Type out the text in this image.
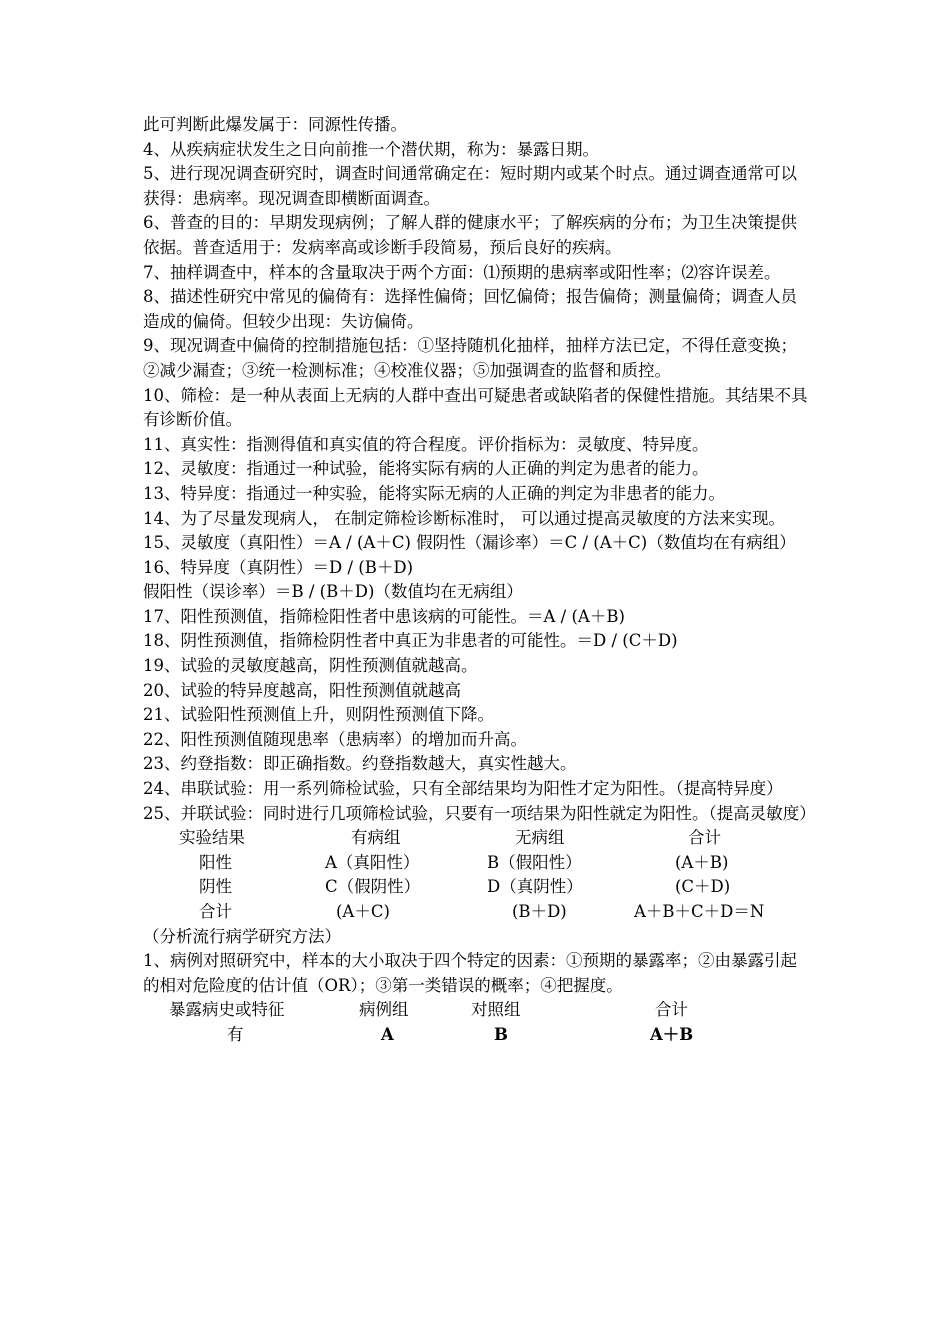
此可判断此爆发属于：同源性传播。

4、从疾病症状发生之日向前推一个潜伏期，称为：暴露日期。

5、进行现况调查研究时，调查时间通常确定在：短时期内或某个时点。通过调查通常可以获得：患病率。现况调查即横断面调查。

6、普查的目的：早期发现病例；了解人群的健康水平；了解疾病的分布；为卫生决策提供依据。普查适用于：发病率高或诊断手段简易，预后良好的疾病。

7、抽样调查中，样本的含量取决于两个方面：⑴预期的患病率或阳性率；⑵容许误差。

8、描述性研究中常见的偏倚有：选择性偏倚；回忆偏倚；报告偏倚；测量偏倚；调查人员造成的偏倚。但较少出现：失访偏倚。

9、现况调查中偏倚的控制措施包括：①坚持随机化抽样，抽样方法已定，不得任意变换；②减少漏查；③统一检测标准；④校准仪器；⑤加强调查的监督和质控。

10、筛检：是一种从表面上无病的人群中查出可疑患者或缺陷者的保健性措施。其结果不具有诊断价值。

11、真实性：指测得值和真实值的符合程度。评价指标为：灵敏度、特异度。

12、灵敏度：指通过一种试验，能将实际有病的人正确的判定为患者的能力。

13、特异度：指通过一种实验，能将实际无病的人正确的判定为非患者的能力。

14、为了尽量发现病人， 在制定筛检诊断标准时， 可以通过提高灵敏度的方法来实现。

15、灵敏度（真阳性）＝A / (A＋C) 假阴性（漏诊率）＝C / (A＋C)（数值均在有病组）

16、特异度（真阴性）＝D / (B＋D)

假阳性（误诊率）＝B / (B＋D)（数值均在无病组）

17、阳性预测值，指筛检阳性者中患该病的可能性。＝A / (A＋B)

18、阴性预测值，指筛检阴性者中真正为非患者的可能性。＝D / (C＋D)

19、试验的灵敏度越高，阴性预测值就越高。

20、试验的特异度越高，阳性预测值就越高

21、试验阳性预测值上升，则阴性预测值下降。

22、阳性预测值随现患率（患病率）的增加而升高。

23、约登指数：即正确指数。约登指数越大，真实性越大。

24、串联试验：用一系列筛检试验，只有全部结果均为阳性才定为阳性。（提高特异度）

25、并联试验：同时进行几项筛检试验，只要有一项结果为阳性就定为阳性。（提高灵敏度）

实验结果	有病组	无病组	合计
阳性	A（真阳性）	B（假阳性）	(A＋B)
阴性	C（假阴性）	D（真阴性）	(C＋D)
合计	(A＋C)	(B＋D)	A＋B＋C＋D＝N

（分析流行病学研究方法）

1、病例对照研究中，样本的大小取决于四个特定的因素：①预期的暴露率；②由暴露引起的相对危险度的估计值（OR）；③第一类错误的概率；④把握度。

暴露病史或特征	病例组	对照组	合计
有	A	B	A＋B
